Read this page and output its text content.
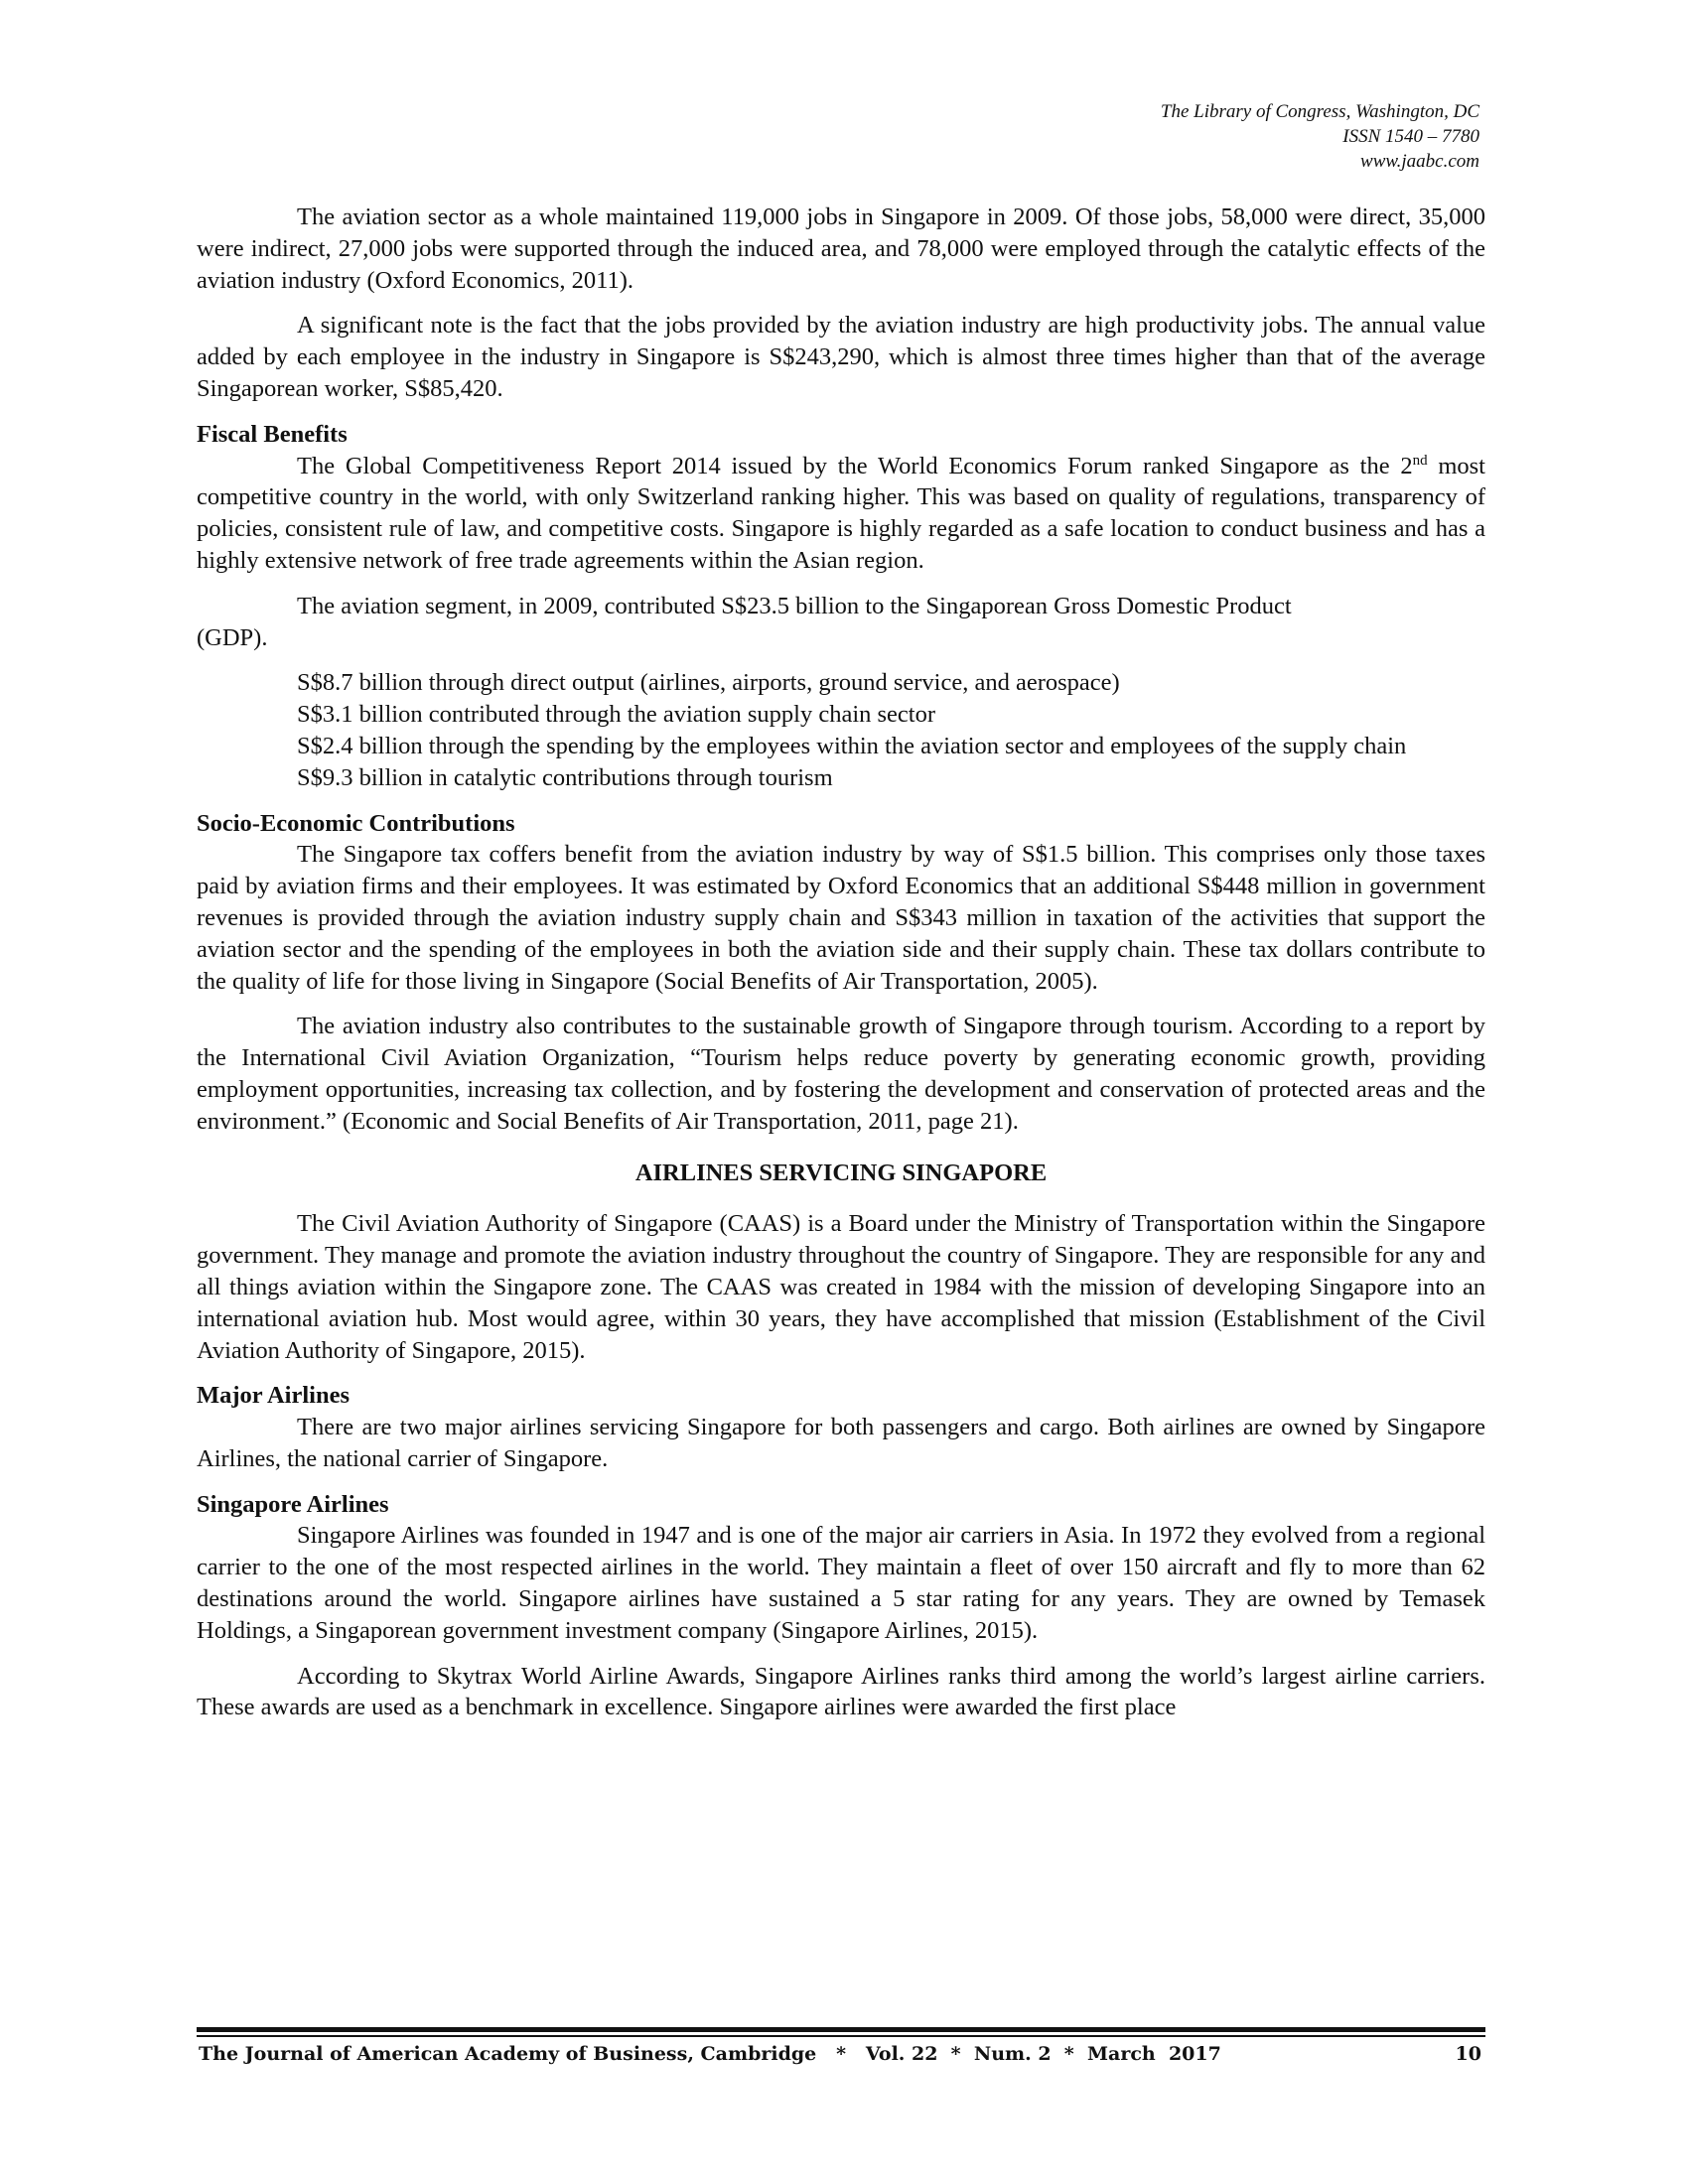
The Library of Congress, Washington, DC
ISSN 1540 – 7780
www.jaabc.com

The aviation sector as a whole maintained 119,000 jobs in Singapore in 2009. Of those jobs, 58,000 were direct, 35,000 were indirect, 27,000 jobs were supported through the induced area, and 78,000 were employed through the catalytic effects of the aviation industry (Oxford Economics, 2011).

A significant note is the fact that the jobs provided by the aviation industry are high productivity jobs. The annual value added by each employee in the industry in Singapore is S$243,290, which is almost three times higher than that of the average Singaporean worker, S$85,420.

Fiscal Benefits

The Global Competitiveness Report 2014 issued by the World Economics Forum ranked Singapore as the 2nd most competitive country in the world, with only Switzerland ranking higher. This was based on quality of regulations, transparency of policies, consistent rule of law, and competitive costs. Singapore is highly regarded as a safe location to conduct business and has a highly extensive network of free trade agreements within the Asian region.

The aviation segment, in 2009, contributed S$23.5 billion to the Singaporean Gross Domestic Product
(GDP).

S$8.7 billion through direct output (airlines, airports, ground service, and aerospace)
S$3.1 billion contributed through the aviation supply chain sector
S$2.4 billion through the spending by the employees within the aviation sector and employees of the supply chain
S$9.3 billion in catalytic contributions through tourism
Socio-Economic Contributions

The Singapore tax coffers benefit from the aviation industry by way of S$1.5 billion. This comprises only those taxes paid by aviation firms and their employees. It was estimated by Oxford Economics that an additional S$448 million in government revenues is provided through the aviation industry supply chain and S$343 million in taxation of the activities that support the aviation sector and the spending of the employees in both the aviation side and their supply chain. These tax dollars contribute to the quality of life for those living in Singapore (Social Benefits of Air Transportation, 2005).

The aviation industry also contributes to the sustainable growth of Singapore through tourism. According to a report by the International Civil Aviation Organization, “Tourism helps reduce poverty by generating economic growth, providing employment opportunities, increasing tax collection, and by fostering the development and conservation of protected areas and the environment.” (Economic and Social Benefits of Air Transportation, 2011, page 21).

AIRLINES SERVICING SINGAPORE

The Civil Aviation Authority of Singapore (CAAS) is a Board under the Ministry of Transportation within the Singapore government. They manage and promote the aviation industry throughout the country of Singapore. They are responsible for any and all things aviation within the Singapore zone. The CAAS was created in 1984 with the mission of developing Singapore into an international aviation hub. Most would agree, within 30 years, they have accomplished that mission (Establishment of the Civil Aviation Authority of Singapore, 2015).

Major Airlines

There are two major airlines servicing Singapore for both passengers and cargo. Both airlines are owned by Singapore Airlines, the national carrier of Singapore.

Singapore Airlines

Singapore Airlines was founded in 1947 and is one of the major air carriers in Asia. In 1972 they evolved from a regional carrier to the one of the most respected airlines in the world. They maintain a fleet of over 150 aircraft and fly to more than 62 destinations around the world. Singapore airlines have sustained a 5 star rating for any years. They are owned by Temasek Holdings, a Singaporean government investment company (Singapore Airlines, 2015).

According to Skytrax World Airline Awards, Singapore Airlines ranks third among the world’s largest airline carriers. These awards are used as a benchmark in excellence. Singapore airlines were awarded the first place

The Journal of American Academy of Business, Cambridge   *   Vol. 22  *  Num. 2  *  March  2017	10
